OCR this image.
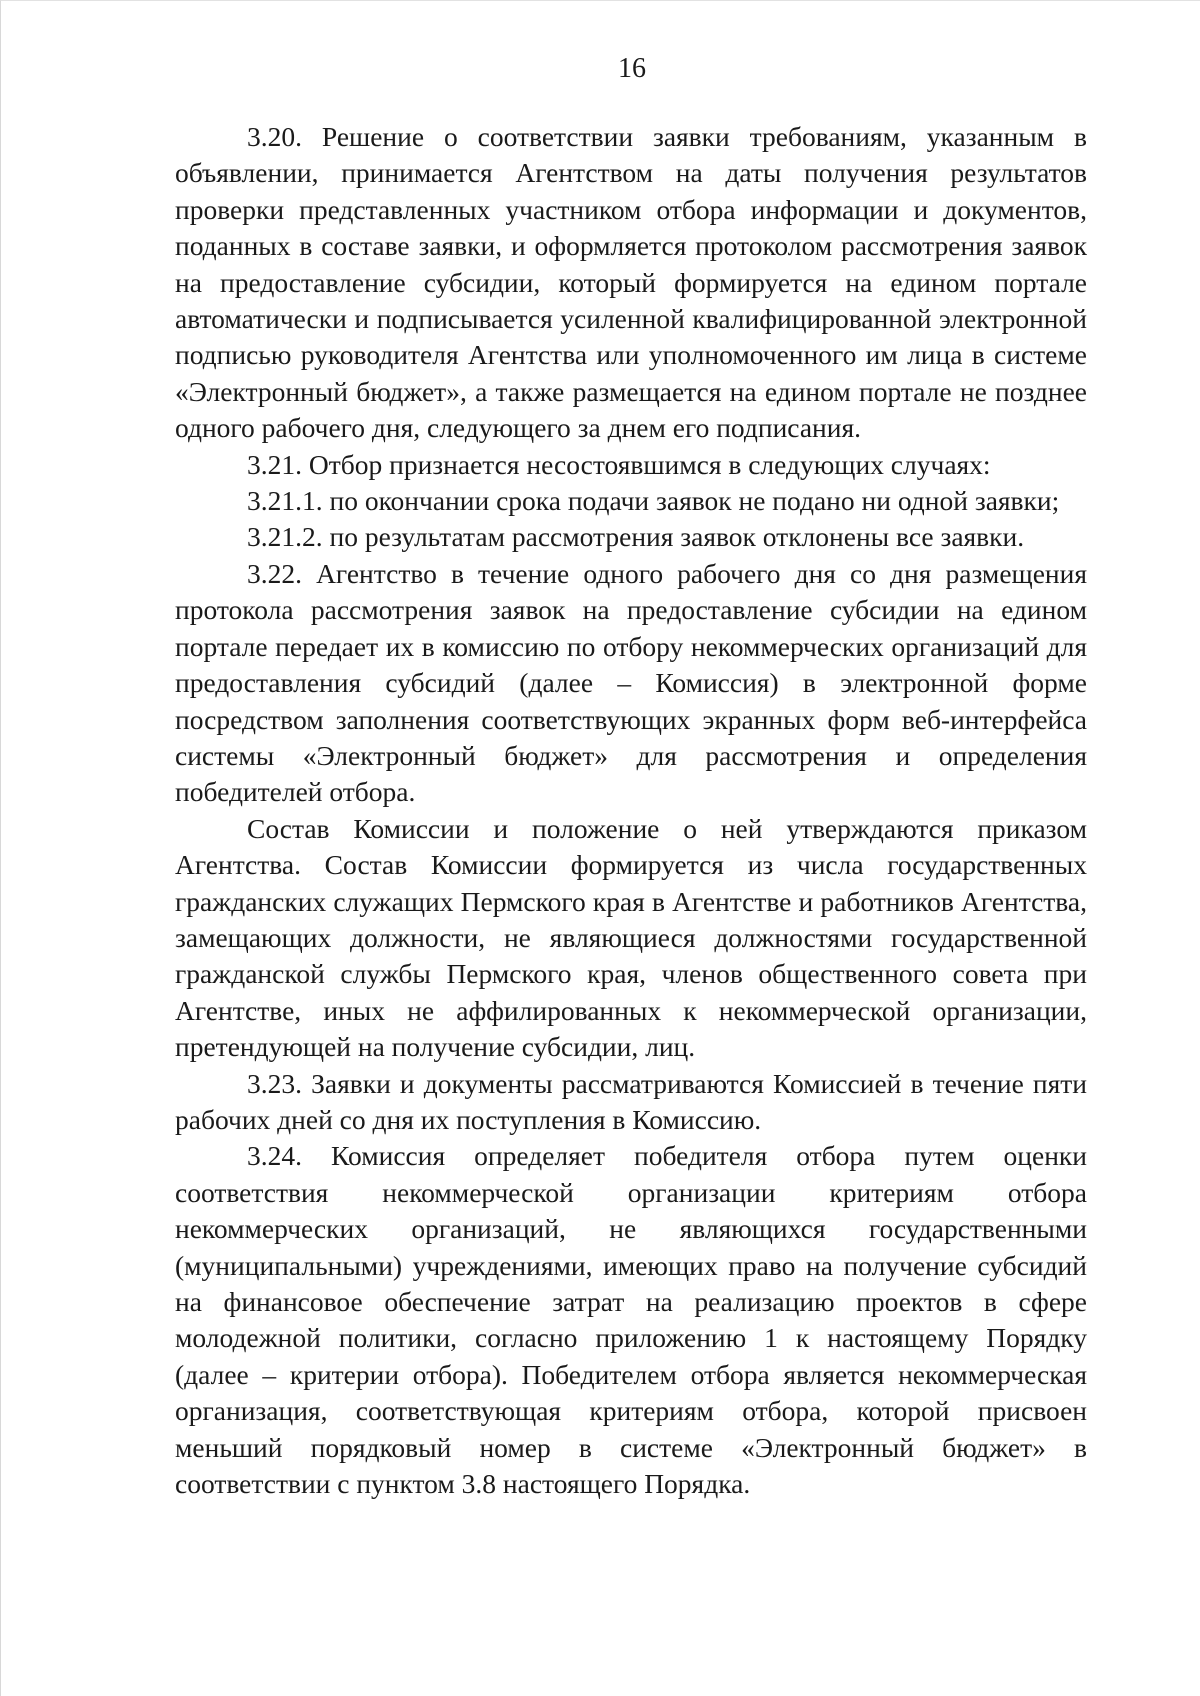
16

3.20. Решение о соответствии заявки требованиям, указанным в объявлении, принимается Агентством на даты получения результатов проверки представленных участником отбора информации и документов, поданных в составе заявки, и оформляется протоколом рассмотрения заявок на предоставление субсидии, который формируется на едином портале автоматически и подписывается усиленной квалифицированной электронной подписью руководителя Агентства или уполномоченного им лица в системе «Электронный бюджет», а также размещается на едином портале не позднее одного рабочего дня, следующего за днем его подписания.

3.21. Отбор признается несостоявшимся в следующих случаях:

3.21.1. по окончании срока подачи заявок не подано ни одной заявки;

3.21.2. по результатам рассмотрения заявок отклонены все заявки.

3.22. Агентство в течение одного рабочего дня со дня размещения протокола рассмотрения заявок на предоставление субсидии на едином портале передает их в комиссию по отбору некоммерческих организаций для предоставления субсидий (далее – Комиссия) в электронной форме посредством заполнения соответствующих экранных форм веб-интерфейса системы «Электронный бюджет» для рассмотрения и определения победителей отбора.

Состав Комиссии и положение о ней утверждаются приказом Агентства. Состав Комиссии формируется из числа государственных гражданских служащих Пермского края в Агентстве и работников Агентства, замещающих должности, не являющиеся должностями государственной гражданской службы Пермского края, членов общественного совета при Агентстве, иных не аффилированных к некоммерческой организации, претендующей на получение субсидии, лиц.

3.23. Заявки и документы рассматриваются Комиссией в течение пяти рабочих дней со дня их поступления в Комиссию.

3.24. Комиссия определяет победителя отбора путем оценки соответствия некоммерческой организации критериям отбора некоммерческих организаций, не являющихся государственными (муниципальными) учреждениями, имеющих право на получение субсидий на финансовое обеспечение затрат на реализацию проектов в сфере молодежной политики, согласно приложению 1 к настоящему Порядку (далее – критерии отбора). Победителем отбора является некоммерческая организация, соответствующая критериям отбора, которой присвоен меньший порядковый номер в системе «Электронный бюджет» в соответствии с пунктом 3.8 настоящего Порядка.
